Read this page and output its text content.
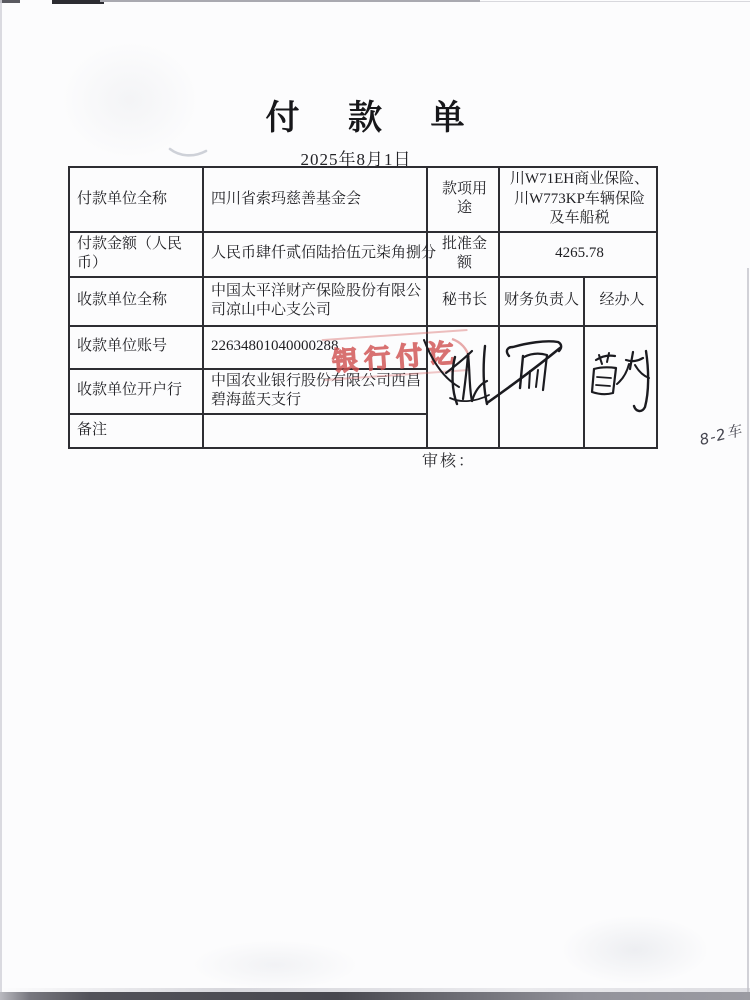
付 款 单
2025年8月1日
付款单位全称	四川省索玛慈善基金会	款项用途	川W71EH商业保险、川W773KP车辆保险及车船税	
付款金额（人民币）	人民币肆仟贰佰陆拾伍元柒角捌分	批准金额	4265.78	
收款单位全称	中国太平洋财产保险股份有限公司凉山中心支公司	秘书长	财务负责人	经办人
收款单位账号	22634801040000288			
收款单位开户行	中国农业银行股份有限公司西昌碧海蓝天支行			
备注				
银行付讫
审核：
8-2车
